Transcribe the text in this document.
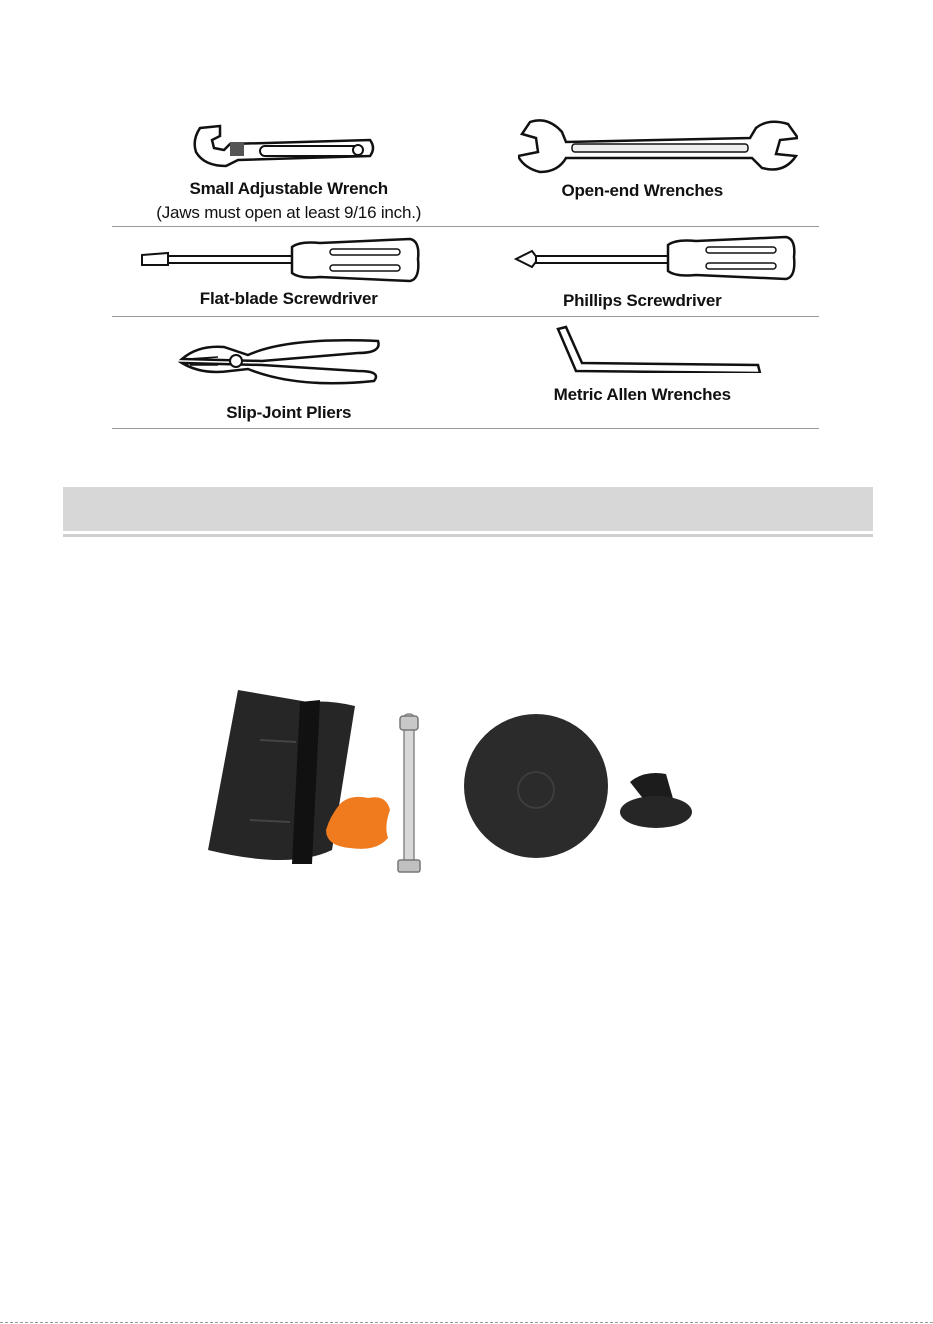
Small Adjustable Wrench
(Jaws must open at least 9/16 inch.)
Open-end Wrenches
Flat-blade Screwdriver	Phillips Screwdriver
Slip-Joint Pliers
Metric Allen Wrenches
